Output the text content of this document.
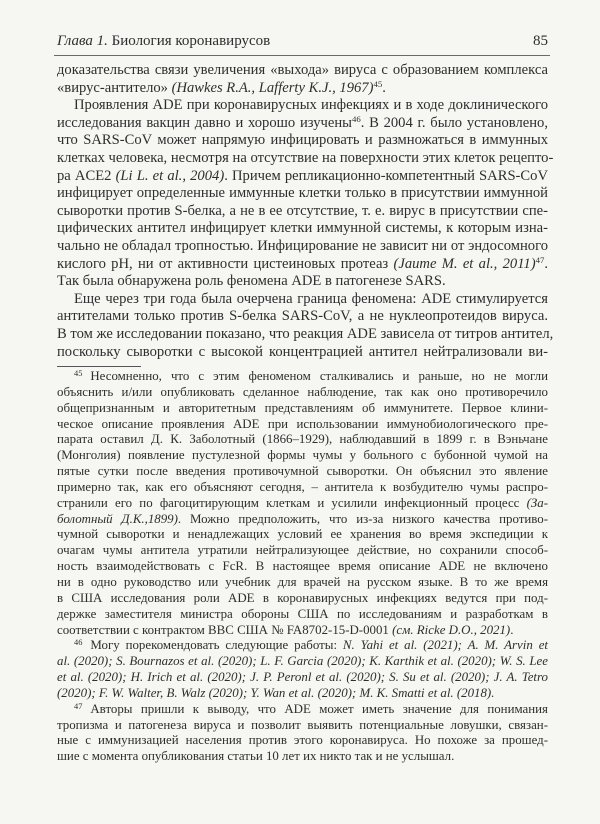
Глава 1. Биология коронавирусов	85
доказательства связи увеличения «выхода» вируса с образованием комплекса
«вирус-антитело» (Hawkes R.A., Lafferty K.J., 1967)$^{45}$.
Проявления ADE при коронавирусных инфекциях и в ходе доклинического
исследования вакцин давно и хорошо изучены$^{46}$. В 2004 г. было установлено,
что SARS-CoV может напрямую инфицировать и размножаться в иммунных
клетках человека, несмотря на отсутствие на поверхности этих клеток рецепто-
ра ACE2 (Li L. et al., 2004). Причем репликационно-компетентный SARS-CoV
инфицирует определенные иммунные клетки только в присутствии иммунной
сыворотки против S-белка, а не в ее отсутствие, т. е. вирус в присутствии спе-
цифических антител инфицирует клетки иммунной системы, к которым изна-
чально не обладал тропностью. Инфицирование не зависит ни от эндосомного
кислого pH, ни от активности цистеиновых протеаз (Jaume M. et al., 2011)$^{47}$.
Так была обнаружена роль феномена ADE в патогенезе SARS.
Еще через три года была очерчена граница феномена: ADE стимулируется
антителами только против S-белка SARS-CoV, а не нуклеопротеидов вируса.
В том же исследовании показано, что реакция ADE зависела от титров антител,
поскольку сыворотки с высокой концентрацией антител нейтрализовали ви-
$^{45}$ Несомненно, что с этим феноменом сталкивались и раньше, но не могли
объяснить и/или опубликовать сделанное наблюдение, так как оно противоречило
общепризнанным и авторитетным представлениям об иммунитете. Первое клини-
ческое описание проявления ADE при использовании иммунобиологического пре-
парата оставил Д. К. Заболотный (1866–1929), наблюдавший в 1899 г. в Вэньчане
(Монголия) появление пустулезной формы чумы у больного с бубонной чумой на
пятые сутки после введения противочумной сыворотки. Он объяснил это явление
примерно так, как его объясняют сегодня, – антитела к возбудителю чумы распро-
странили его по фагоцитирующим клеткам и усилили инфекционный процесс (За-
болотный Д.К.,1899). Можно предположить, что из-за низкого качества противо-
чумной сыворотки и ненадлежащих условий ее хранения во время экспедиции к
очагам чумы антитела утратили нейтрализующее действие, но сохранили способ-
ность взаимодействовать с FcR. В настоящее время описание ADE не включено
ни в одно руководство или учебник для врачей на русском языке. В то же время
в США исследования роли ADE в коронавирусных инфекциях ведутся при под-
держке заместителя министра обороны США по исследованиям и разработкам в
соответствии с контрактом ВВС США № FA8702-15-D-0001 (см. Ricke D.O., 2021).
$^{46}$ Могу порекомендовать следующие работы: N. Yahi et al. (2021); A. M. Arvin et
al. (2020); S. Bournazos et al. (2020); L. F. Garcia (2020); K. Karthik et al. (2020); W. S. Lee
et al. (2020); H. Irich et al. (2020); J. P. Peronl et al. (2020); S. Su et al. (2020); J. A. Tetro
(2020); F. W. Walter, B. Walz (2020); Y. Wan et al. (2020); M. K. Smatti et al. (2018).
$^{47}$ Авторы пришли к выводу, что ADE может иметь значение для понимания
тропизма и патогенеза вируса и позволит выявить потенциальные ловушки, связан-
ные с иммунизацией населения против этого коронавируса. Но похоже за прошед-
шие с момента опубликования статьи 10 лет их никто так и не услышал.
